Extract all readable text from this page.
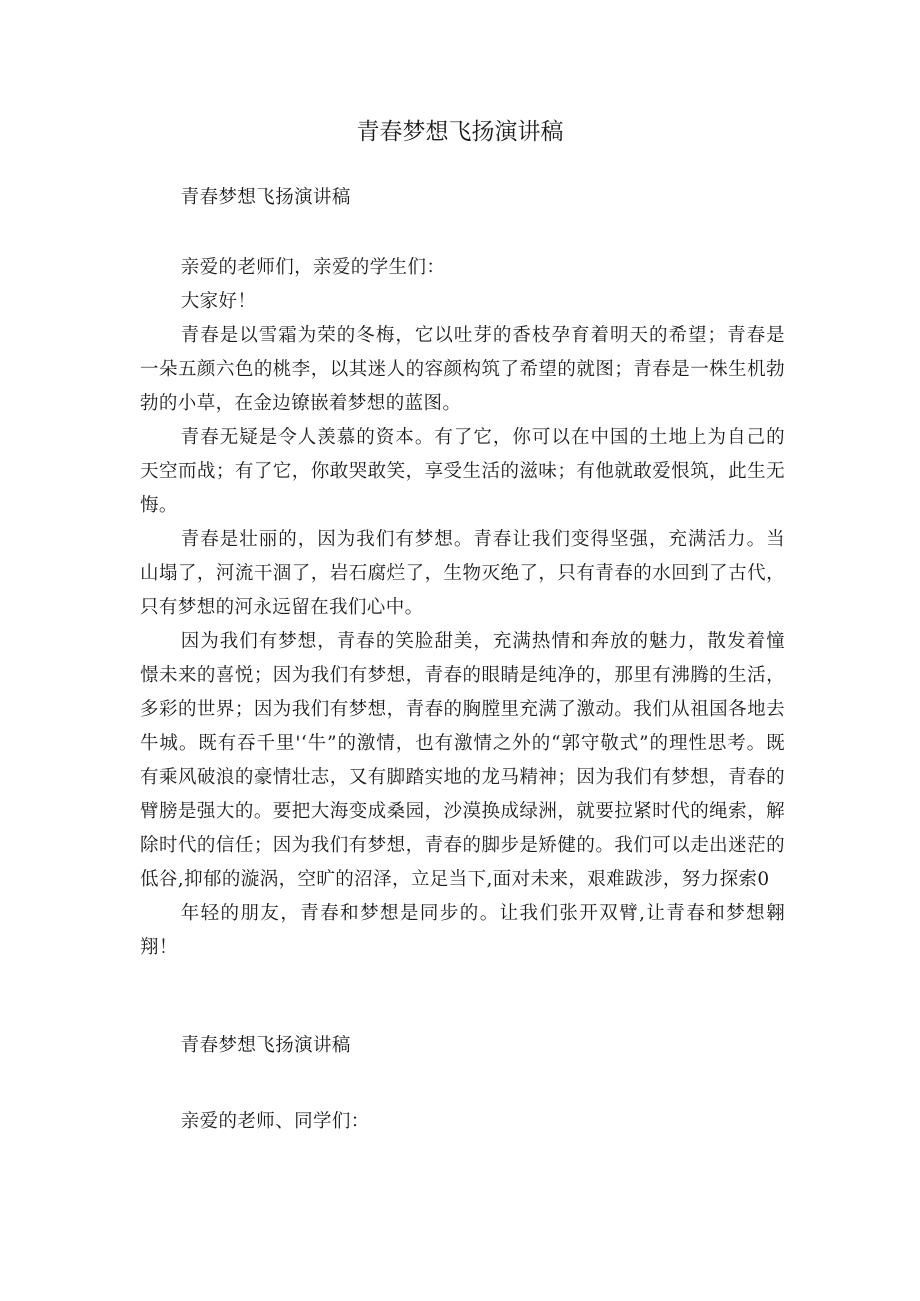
青春梦想飞扬演讲稿

青春梦想飞扬演讲稿

亲爱的老师们，亲爱的学生们：

大家好！

青春是以雪霜为荣的冬梅，它以吐芽的香枝孕育着明天的希望；青春是一朵五颜六色的桃李，以其迷人的容颜构筑了希望的就图；青春是一株生机勃勃的小草，在金边镣嵌着梦想的蓝图。

青春无疑是令人羡慕的资本。有了它，你可以在中国的土地上为自己的天空而战；有了它，你敢哭敢笑，享受生活的滋味；有他就敢爱恨筑，此生无悔。

青春是壮丽的，因为我们有梦想。青春让我们变得坚强，充满活力。当山塌了，河流干涸了，岩石腐烂了，生物灭绝了，只有青春的水回到了古代，只有梦想的河永远留在我们心中。

因为我们有梦想，青春的笑脸甜美，充满热情和奔放的魅力，散发着憧憬未来的喜悦；因为我们有梦想，青春的眼睛是纯净的，那里有沸腾的生活，多彩的世界；因为我们有梦想，青春的胸膛里充满了激动。我们从祖国各地去牛城。既有吞千里'‘牛”的激情，也有激情之外的“郭守敬式”的理性思考。既有乘风破浪的豪情壮志，又有脚踏实地的龙马精神；因为我们有梦想，青春的臂膀是强大的。要把大海变成桑园，沙漠换成绿洲，就要拉紧时代的绳索，解除时代的信任；因为我们有梦想，青春的脚步是矫健的。我们可以走出迷茫的低谷,抑郁的漩涡，空旷的沼泽，立足当下,面对未来，艰难跋涉，努力探索0

年轻的朋友，青春和梦想是同步的。让我们张开双臂,让青春和梦想翱翔！

青春梦想飞扬演讲稿

亲爱的老师、同学们：
